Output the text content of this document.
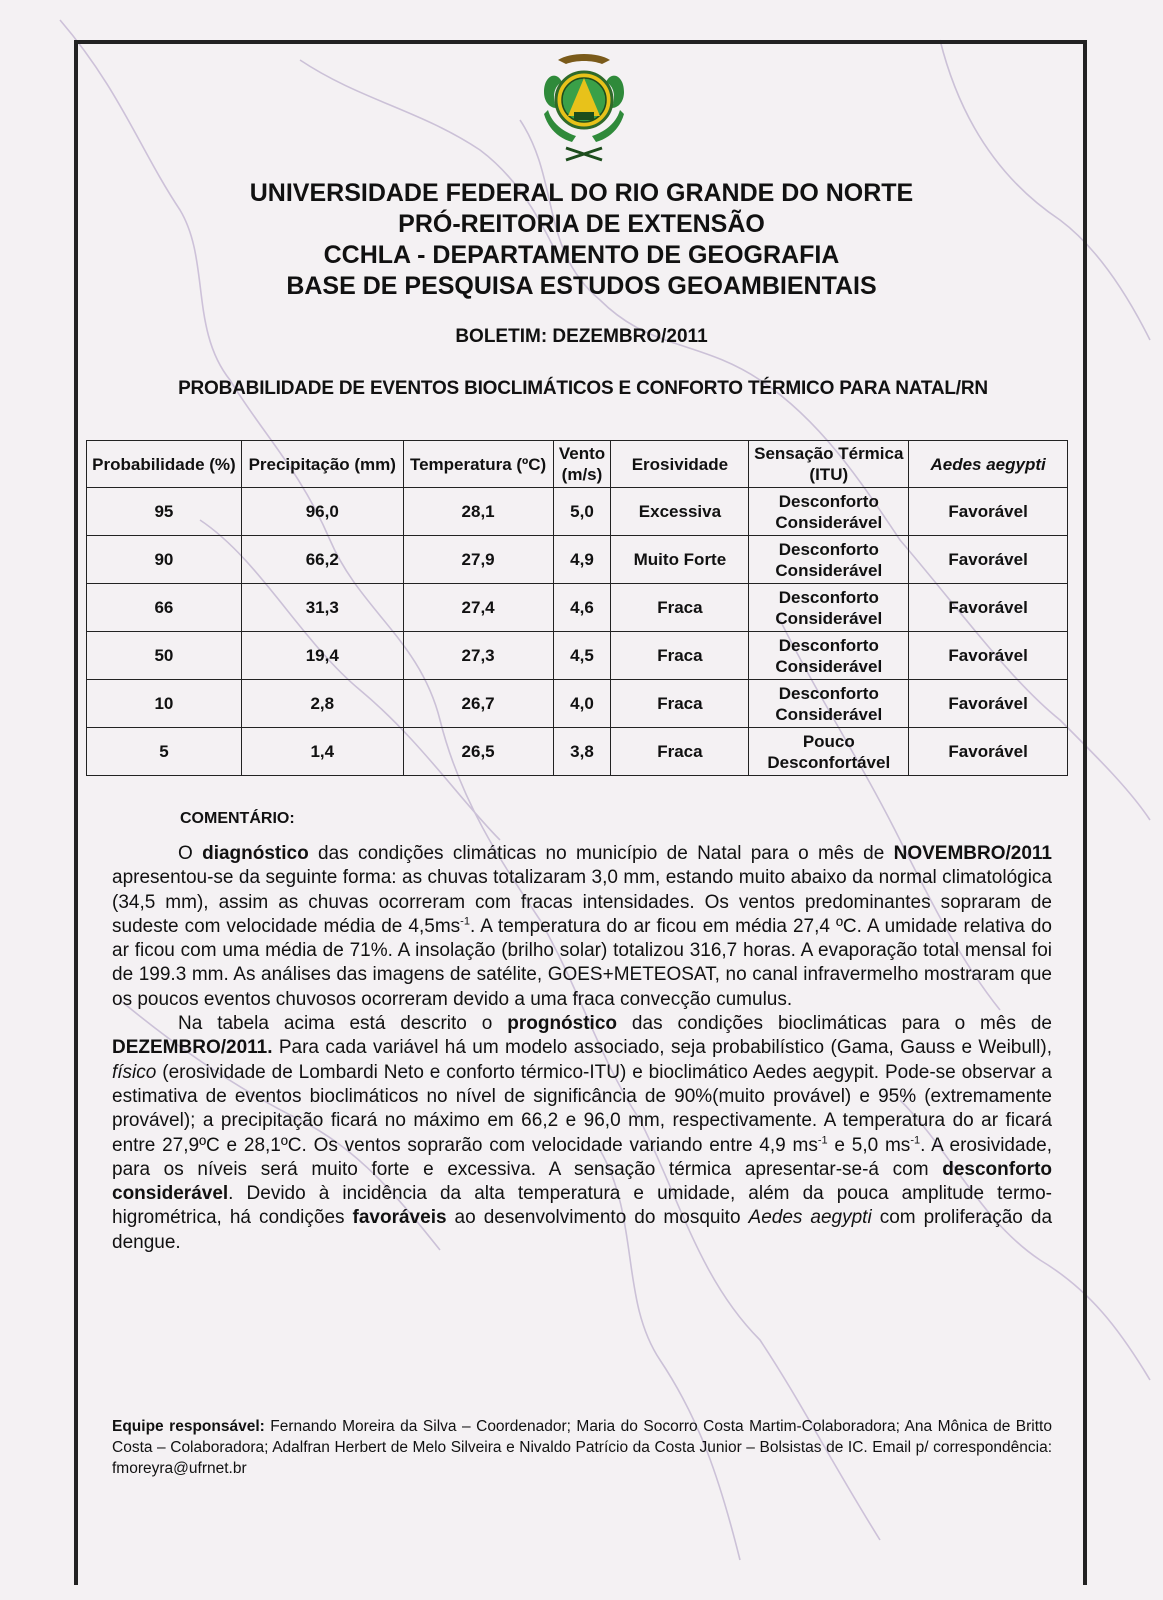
UNIVERSIDADE FEDERAL DO RIO GRANDE DO NORTE
PRÓ-REITORIA DE EXTENSÃO
CCHLA - DEPARTAMENTO DE GEOGRAFIA
BASE DE PESQUISA ESTUDOS GEOAMBIENTAIS
BOLETIM: DEZEMBRO/2011
PROBABILIDADE DE EVENTOS BIOCLIMÁTICOS E CONFORTO TÉRMICO PARA NATAL/RN
Probabilidade (%)	Precipitação (mm)	Temperatura (ºC)	Vento (m/s)	Erosividade	Sensação Térmica (ITU)	Aedes aegypti
95	96,0	28,1	5,0	Excessiva	Desconforto Considerável	Favorável
90	66,2	27,9	4,9	Muito Forte	Desconforto Considerável	Favorável
66	31,3	27,4	4,6	Fraca	Desconforto Considerável	Favorável
50	19,4	27,3	4,5	Fraca	Desconforto Considerável	Favorável
10	2,8	26,7	4,0	Fraca	Desconforto Considerável	Favorável
5	1,4	26,5	3,8	Fraca	Pouco Desconfortável	Favorável
COMENTÁRIO:

O diagnóstico das condições climáticas no município de Natal para o mês de NOVEMBRO/2011 apresentou-se da seguinte forma: as chuvas totalizaram 3,0 mm, estando muito abaixo da normal climatológica (34,5 mm), assim as chuvas ocorreram com fracas intensidades. Os ventos predominantes sopraram de sudeste com velocidade média de $4,5ms^{-1}$. A temperatura do ar ficou em média 27,4 ºC. A umidade relativa do ar ficou com uma média de 71%. A insolação (brilho solar) totalizou 316,7 horas. A evaporação total mensal foi de 199.3 mm. As análises das imagens de satélite, GOES+METEOSAT, no canal infravermelho mostraram que os poucos eventos chuvosos ocorreram devido a uma fraca convecção cumulus.

Na tabela acima está descrito o prognóstico das condições bioclimáticas para o mês de DEZEMBRO/2011. Para cada variável há um modelo associado, seja probabilístico (Gama, Gauss e Weibull), físico (erosividade de Lombardi Neto e conforto térmico-ITU) e bioclimático Aedes aegypit. Pode-se observar a estimativa de eventos bioclimáticos no nível de significância de 90%(muito provável) e 95% (extremamente provável); a precipitação ficará no máximo em 66,2 e 96,0 mm, respectivamente. A temperatura do ar ficará entre 27,9ºC e 28,1ºC. Os ventos soprarão com velocidade variando entre 4,9 $ms^{-1}$ e 5,0 $ms^{-1}$. A erosividade, para os níveis será muito forte e excessiva. A sensação térmica apresentar-se-á com desconforto considerável. Devido à incidência da alta temperatura e umidade, além da pouca amplitude termo-higrométrica, há condições favoráveis ao desenvolvimento do mosquito Aedes aegypti com proliferação da dengue.

Equipe responsável: Fernando Moreira da Silva – Coordenador; Maria do Socorro Costa Martim-Colaboradora; Ana Mônica de Britto Costa – Colaboradora; Adalfran Herbert de Melo Silveira e Nivaldo Patrício da Costa Junior – Bolsistas de IC. Email p/ correspondência: fmoreyra@ufrnet.br
